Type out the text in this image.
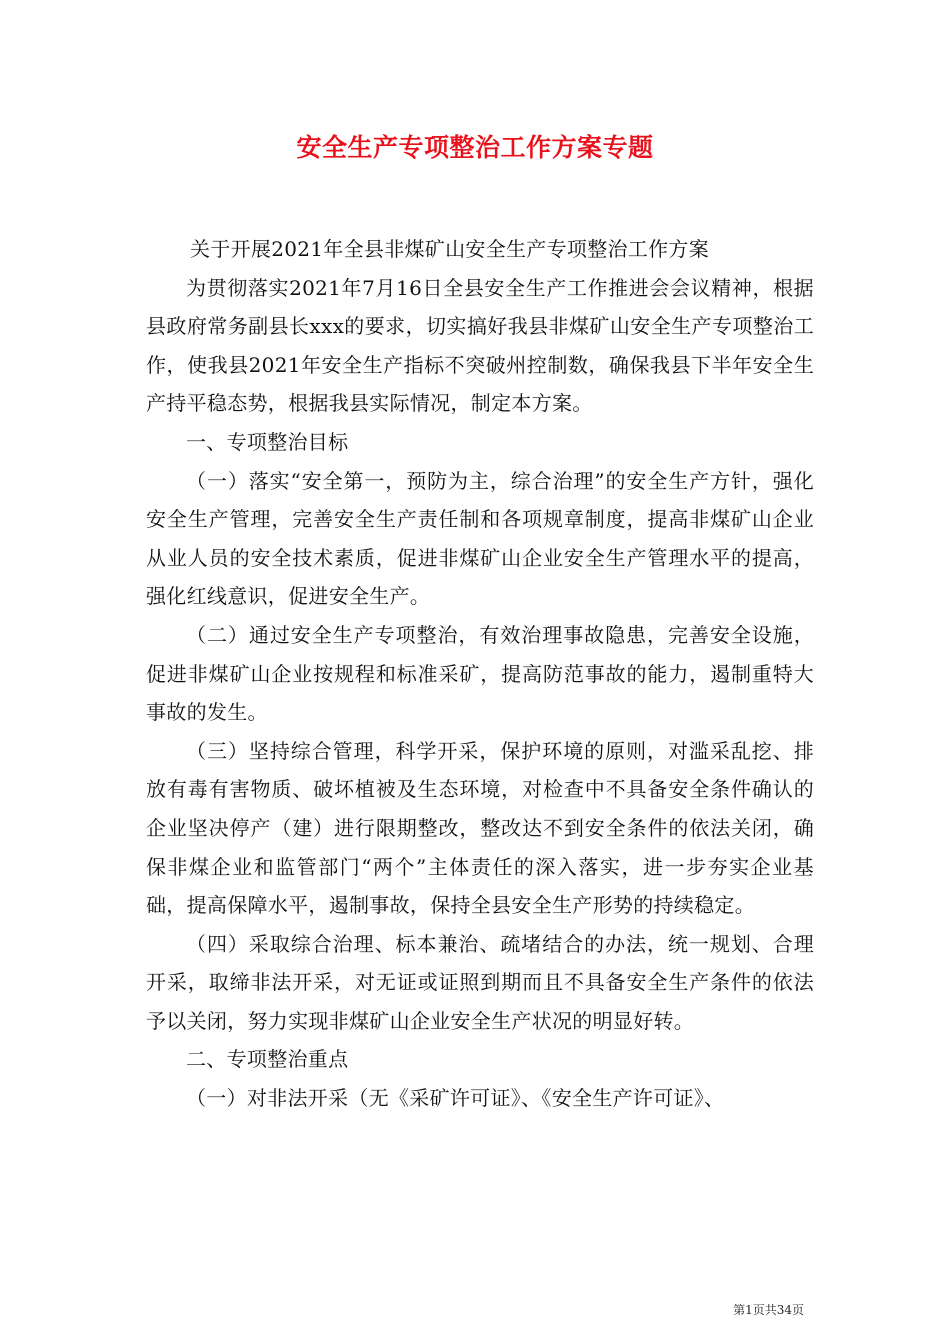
安全生产专项整治工作方案专题

关于开展2021年全县非煤矿山安全生产专项整治工作方案

为贯彻落实2021年7月16日全县安全生产工作推进会会议精神，根据县政府常务副县长xxx的要求，切实搞好我县非煤矿山安全生产专项整治工作，使我县2021年安全生产指标不突破州控制数，确保我县下半年安全生产持平稳态势，根据我县实际情况，制定本方案。

一、专项整治目标

（一）落实“安全第一，预防为主，综合治理”的安全生产方针，强化安全生产管理，完善安全生产责任制和各项规章制度，提高非煤矿山企业从业人员的安全技术素质，促进非煤矿山企业安全生产管理水平的提高，强化红线意识，促进安全生产。

（二）通过安全生产专项整治，有效治理事故隐患，完善安全设施，促进非煤矿山企业按规程和标准采矿，提高防范事故的能力，遏制重特大事故的发生。

（三）坚持综合管理，科学开采，保护环境的原则，对滥采乱挖、排放有毒有害物质、破坏植被及生态环境，对检查中不具备安全条件确认的企业坚决停产（建）进行限期整改，整改达不到安全条件的依法关闭，确保非煤企业和监管部门“两个”主体责任的深入落实，进一步夯实企业基础，提高保障水平，遏制事故，保持全县安全生产形势的持续稳定。

（四）采取综合治理、标本兼治、疏堵结合的办法，统一规划、合理开采，取缔非法开采，对无证或证照到期而且不具备安全生产条件的依法予以关闭，努力实现非煤矿山企业安全生产状况的明显好转。

二、专项整治重点

（一）对非法开采（无《采矿许可证》、《安全生产许可证》、

第1页共34页
